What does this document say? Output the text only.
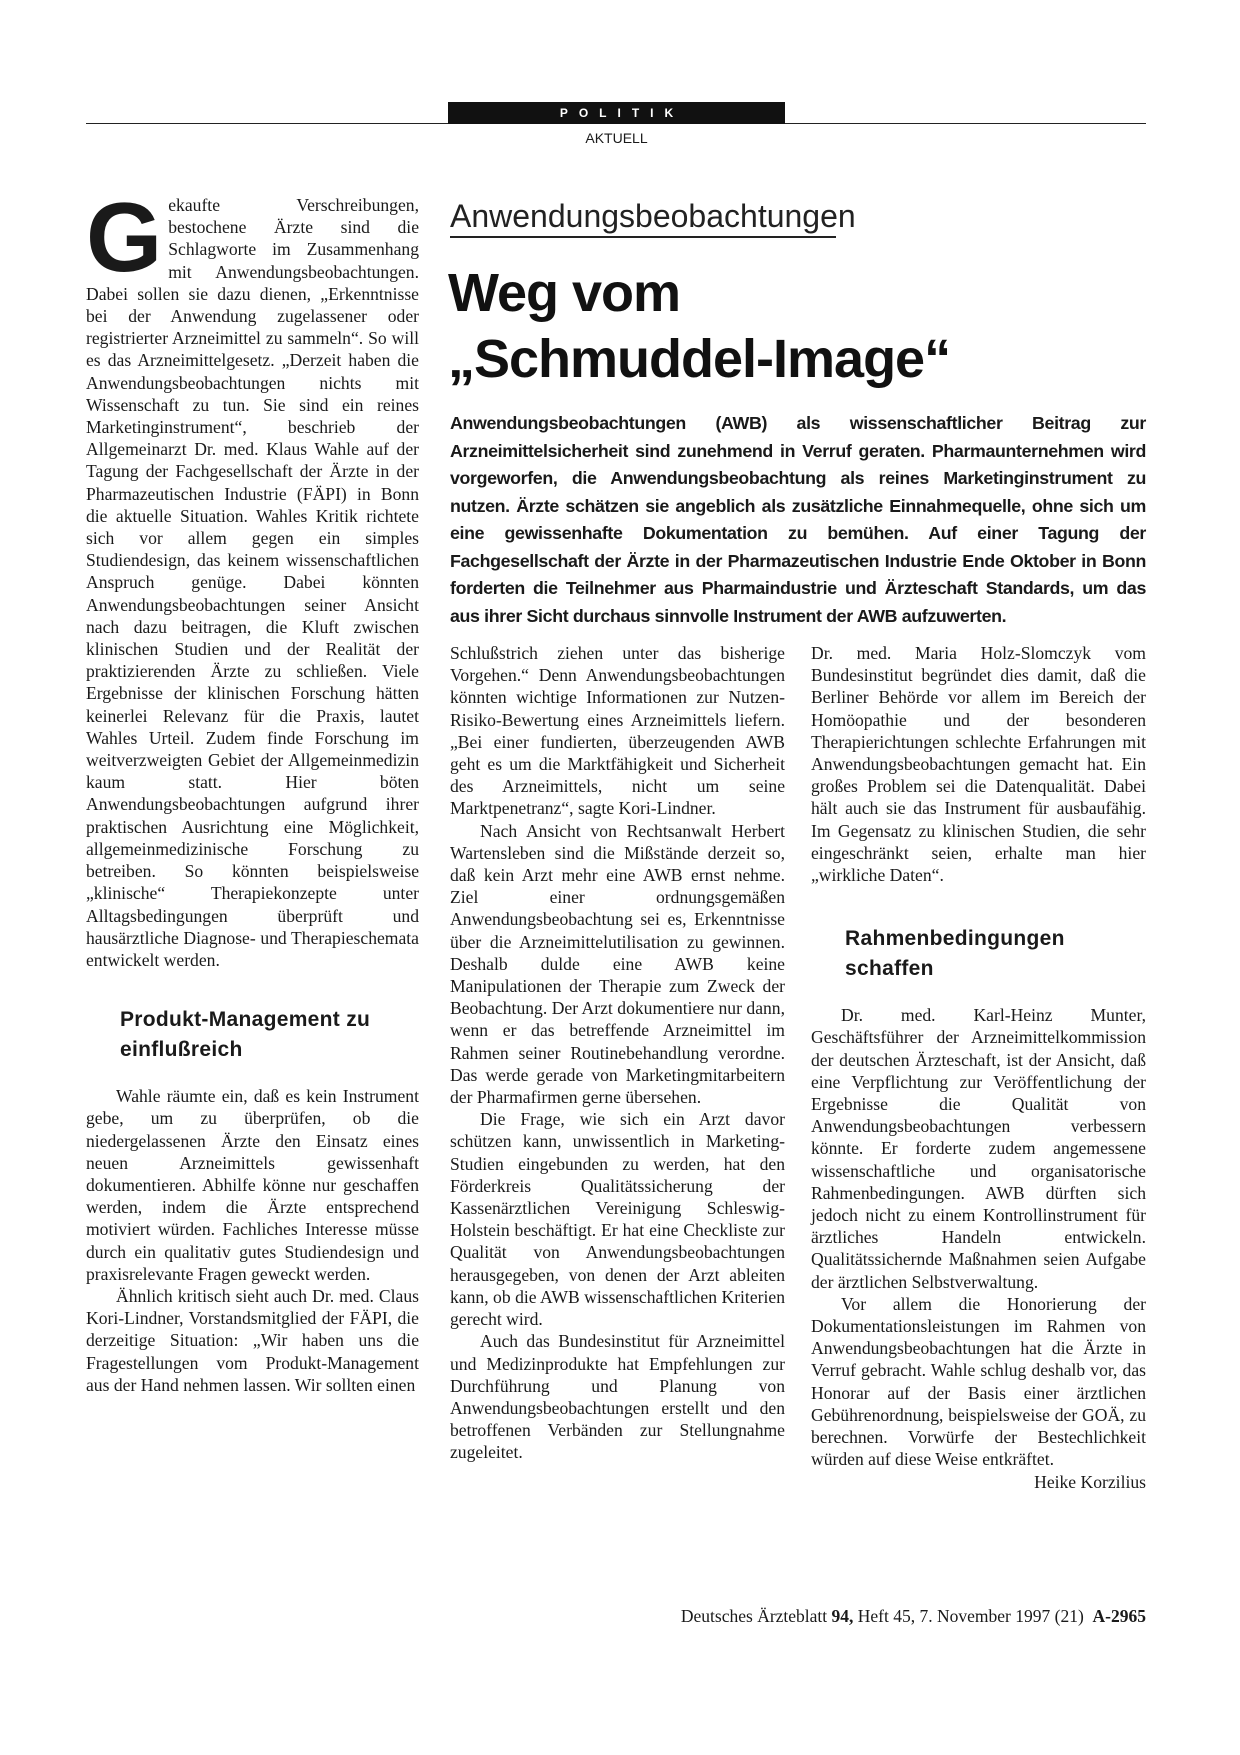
POLITIK
AKTUELL
Anwendungsbeobachtungen
Weg vom
„Schmuddel-Image“
Anwendungsbeobachtungen (AWB) als wissenschaftlicher Beitrag zur Arzneimittelsicherheit sind zunehmend in Verruf geraten. Pharmaunternehmen wird vorgeworfen, die Anwendungsbeobachtung als reines Marketinginstrument zu nutzen. Ärzte schätzen sie angeblich als zusätzliche Einnahmequelle, ohne sich um eine gewissenhafte Dokumentation zu bemühen. Auf einer Tagung der Fachgesellschaft der Ärzte in der Pharmazeutischen Industrie Ende Oktober in Bonn forderten die Teilnehmer aus Pharmaindustrie und Ärzteschaft Standards, um das aus ihrer Sicht durchaus sinnvolle Instrument der AWB aufzuwerten.

G ekaufte Verschreibungen, bestochene Ärzte sind die Schlagworte im Zusammenhang mit Anwendungsbeobachtungen. Dabei sollen sie dazu dienen, „Erkenntnisse bei der Anwendung zugelassener oder registrierter Arzneimittel zu sammeln“. So will es das Arzneimittelgesetz. „Derzeit haben die Anwendungsbeobachtungen nichts mit Wissenschaft zu tun. Sie sind ein reines Marketinginstrument“, beschrieb der Allgemeinarzt Dr. med. Klaus Wahle auf der Tagung der Fachgesellschaft der Ärzte in der Pharmazeutischen Industrie (FÄPI) in Bonn die aktuelle Situation. Wahles Kritik richtete sich vor allem gegen ein simples Studiendesign, das keinem wissenschaftlichen Anspruch genüge. Dabei könnten Anwendungsbeobachtungen seiner Ansicht nach dazu beitragen, die Kluft zwischen klinischen Studien und der Realität der praktizierenden Ärzte zu schließen. Viele Ergebnisse der klinischen Forschung hätten keinerlei Relevanz für die Praxis, lautet Wahles Urteil. Zudem finde Forschung im weitverzweigten Gebiet der Allgemeinmedizin kaum statt. Hier böten Anwendungsbeobachtungen aufgrund ihrer praktischen Ausrichtung eine Möglichkeit, allgemeinmedizinische Forschung zu betreiben. So könnten beispielsweise „klinische“ Therapiekonzepte unter Alltagsbedingungen überprüft und hausärztliche Diagnose- und Therapieschemata entwickelt werden.

Produkt-Management zu einflußreich

Wahle räumte ein, daß es kein Instrument gebe, um zu überprüfen, ob die niedergelassenen Ärzte den Einsatz eines neuen Arzneimittels gewissenhaft dokumentieren. Abhilfe könne nur geschaffen werden, indem die Ärzte entsprechend motiviert würden. Fachliches Interesse müsse durch ein qualitativ gutes Studiendesign und praxisrelevante Fragen geweckt werden.

Ähnlich kritisch sieht auch Dr. med. Claus Kori-Lindner, Vorstandsmitglied der FÄPI, die derzeitige Situation: „Wir haben uns die Fragestellungen vom Produkt-Management aus der Hand nehmen lassen. Wir sollten einen

Schlußstrich ziehen unter das bisherige Vorgehen.“ Denn Anwendungsbeobachtungen könnten wichtige Informationen zur Nutzen-Risiko-Bewertung eines Arzneimittels liefern. „Bei einer fundierten, überzeugenden AWB geht es um die Marktfähigkeit und Sicherheit des Arzneimittels, nicht um seine Marktpenetranz“, sagte Kori-Lindner.

Nach Ansicht von Rechtsanwalt Herbert Wartensleben sind die Mißstände derzeit so, daß kein Arzt mehr eine AWB ernst nehme. Ziel einer ordnungsgemäßen Anwendungsbeobachtung sei es, Erkenntnisse über die Arzneimittelutilisation zu gewinnen. Deshalb dulde eine AWB keine Manipulationen der Therapie zum Zweck der Beobachtung. Der Arzt dokumentiere nur dann, wenn er das betreffende Arzneimittel im Rahmen seiner Routinebehandlung verordne. Das werde gerade von Marketingmitarbeitern der Pharmafirmen gerne übersehen.

Die Frage, wie sich ein Arzt davor schützen kann, unwissentlich in Marketing-Studien eingebunden zu werden, hat den Förderkreis Qualitätssicherung der Kassenärztlichen Vereinigung Schleswig-Holstein beschäftigt. Er hat eine Checkliste zur Qualität von Anwendungsbeobachtungen herausgegeben, von denen der Arzt ableiten kann, ob die AWB wissenschaftlichen Kriterien gerecht wird.

Auch das Bundesinstitut für Arzneimittel und Medizinprodukte hat Empfehlungen zur Durchführung und Planung von Anwendungsbeobachtungen erstellt und den betroffenen Verbänden zur Stellungnahme zugeleitet.

Dr. med. Maria Holz-Slomczyk vom Bundesinstitut begründet dies damit, daß die Berliner Behörde vor allem im Bereich der Homöopathie und der besonderen Therapierichtungen schlechte Erfahrungen mit Anwendungsbeobachtungen gemacht hat. Ein großes Problem sei die Datenqualität. Dabei hält auch sie das Instrument für ausbaufähig. Im Gegensatz zu klinischen Studien, die sehr eingeschränkt seien, erhalte man hier „wirkliche Daten“.

Rahmenbedingungen schaffen

Dr. med. Karl-Heinz Munter, Geschäftsführer der Arzneimittelkommission der deutschen Ärzteschaft, ist der Ansicht, daß eine Verpflichtung zur Veröffentlichung der Ergebnisse die Qualität von Anwendungsbeobachtungen verbessern könnte. Er forderte zudem angemessene wissenschaftliche und organisatorische Rahmenbedingungen. AWB dürften sich jedoch nicht zu einem Kontrollinstrument für ärztliches Handeln entwickeln. Qualitätssichernde Maßnahmen seien Aufgabe der ärztlichen Selbstverwaltung.

Vor allem die Honorierung der Dokumentationsleistungen im Rahmen von Anwendungsbeobachtungen hat die Ärzte in Verruf gebracht. Wahle schlug deshalb vor, das Honorar auf der Basis einer ärztlichen Gebührenordnung, beispielsweise der GOÄ, zu berechnen. Vorwürfe der Bestechlichkeit würden auf diese Weise entkräftet.
Heike Korzilius

Deutsches Ärzteblatt 94, Heft 45, 7. November 1997 (21) A-2965
